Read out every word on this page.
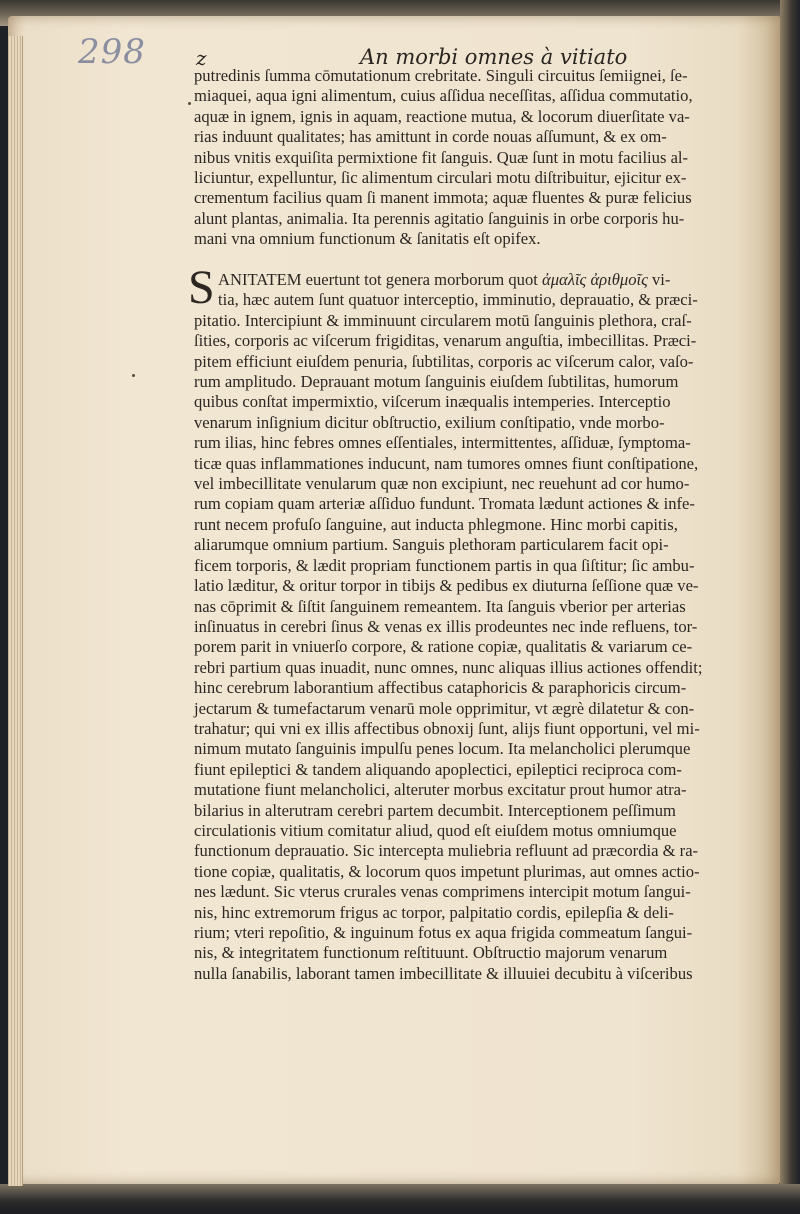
298	z	An morbi omnes à vitiato
putredinis ſumma cōmutationum crebritate. Singuli circuitus ſemiignei, ſe-
miaquei, aqua igni alimentum, cuius aſſidua neceſſitas, aſſidua commutatio,
aquæ in ignem, ignis in aquam, reactione mutua, & locorum diuerſitate va-
rias induunt qualitates; has amittunt in corde nouas aſſumunt, & ex om-
nibus vnitis exquiſita permixtione fit ſanguis. Quæ ſunt in motu facilius al-
liciuntur, expelluntur, ſic alimentum circulari motu diſtribuitur, ejicitur ex-
crementum facilius quam ſi manent immota; aquæ fluentes & puræ felicius
alunt plantas, animalia. Ita perennis agitatio ſanguinis in orbe corporis hu-
mani vna omnium functionum & ſanitatis eſt opifex.
S ANITATEM euertunt tot genera morborum quot ἀμαλῖς ἀριθμοῖς vi-
tia, hæc autem ſunt quatuor interceptio, imminutio, deprauatio, & præci-
pitatio. Intercipiunt & imminuunt circularem motū ſanguinis plethora, craſ-
ſities, corporis ac viſcerum frigiditas, venarum anguſtia, imbecillitas. Præci-
pitem efficiunt eiuſdem penuria, ſubtilitas, corporis ac viſcerum calor, vaſo-
rum amplitudo. Deprauant motum ſanguinis eiuſdem ſubtilitas, humorum
quibus conſtat impermixtio, viſcerum inæqualis intemperies. Interceptio
venarum inſignium dicitur obſtructio, exilium conſtipatio, vnde morbo-
rum ilias, hinc febres omnes eſſentiales, intermittentes, aſſiduæ, ſymptoma-
ticæ quas inflammationes inducunt, nam tumores omnes fiunt conſtipatione,
vel imbecillitate venularum quæ non excipiunt, nec reuehunt ad cor humo-
rum copiam quam arteriæ aſſiduo fundunt. Tromata lædunt actiones & infe-
runt necem profuſo ſanguine, aut inducta phlegmone. Hinc morbi capitis,
aliarumque omnium partium. Sanguis plethoram particularem facit opi-
ficem torporis, & lædit propriam functionem partis in qua ſiſtitur; ſic ambu-
latio læditur, & oritur torpor in tibijs & pedibus ex diuturna ſeſſione quæ ve-
nas cōprimit & ſiſtit ſanguinem remeantem. Ita ſanguis vberior per arterias
inſinuatus in cerebri ſinus & venas ex illis prodeuntes nec inde refluens, tor-
porem parit in vniuerſo corpore, & ratione copiæ, qualitatis & variarum ce-
rebri partium quas inuadit, nunc omnes, nunc aliquas illius actiones offendit;
hinc cerebrum laborantium affectibus cataphoricis & paraphoricis circum-
jectarum & tumefactarum venarū mole opprimitur, vt ægrè dilatetur & con-
trahatur; qui vni ex illis affectibus obnoxij ſunt, alijs fiunt opportuni, vel mi-
nimum mutato ſanguinis impulſu penes locum. Ita melancholici plerumque
fiunt epileptici & tandem aliquando apoplectici, epileptici reciproca com-
mutatione fiunt melancholici, alteruter morbus excitatur prout humor atra-
bilarius in alterutram cerebri partem decumbit. Interceptionem peſſimum
circulationis vitium comitatur aliud, quod eſt eiuſdem motus omniumque
functionum deprauatio. Sic intercepta muliebria refluunt ad præcordia & ra-
tione copiæ, qualitatis, & locorum quos impetunt plurimas, aut omnes actio-
nes lædunt. Sic vterus crurales venas comprimens intercipit motum ſangui-
nis, hinc extremorum frigus ac torpor, palpitatio cordis, epilepſia & deli-
rium; vteri repoſitio, & inguinum fotus ex aqua frigida commeatum ſangui-
nis, & integritatem functionum reſtituunt. Obſtructio majorum venarum
nulla ſanabilis, laborant tamen imbecillitate & illuuiei decubitu à viſceribus
